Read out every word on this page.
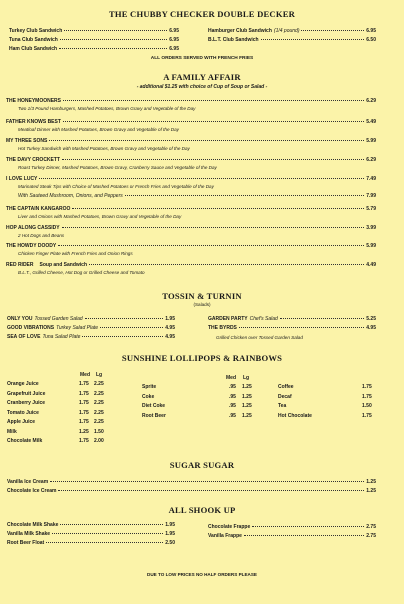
THE CHUBBY CHECKER DOUBLE DECKER
Turkey Club Sandwich	6.95
Tuna Club Sandwich	6.95
Ham Club Sandwich	6.95
Hamburger Club Sandwich (1/4 pound)	6.95
B.L.T. Club Sandwich	6.50
ALL ORDERS SERVED WITH FRENCH FRIES
A FAMILY AFFAIR
- additional $1.25 with choice of Cup of Soup or Salad -
THE HONEYMOONERS	6.29
Two 1/3 Pound Hamburgers, Mashed Potatoes, Brown Gravy and Vegetable of the Day
FATHER KNOWS BEST	5.49
Meatloaf Dinner with Mashed Potatoes, Brown Gravy and Vegetable of the Day
MY THREE SONS	5.99
Hot Turkey Sandwich with Mashed Potatoes, Brown Gravy and Vegetable of the Day
THE DAVY CROCKETT	6.29
Roast Turkey Dinner, Mashed Potatoes, Brown Gravy, Cranberry Sauce and Vegetable of the Day
I LOVE LUCY	7.49
Marinated Steak Tips with Choice of Mashed Potatoes or French Fries and Vegetable of the Day
With Sauteed Mushroom, Onions, and Peppers	7.99
THE CAPTAIN KANGAROO	5.79
Liver and Onions with Mashed Potatoes, Brown Gravy and Vegetable of the Day
HOP ALONG CASSIDY	3.99
2 Hot Dogs and Beans
THE HOWDY DOODY	5.99
Chicken Finger Plate with French Fries and Onion Rings
RED RIDER Soup and Sandwich	4.49
B.L.T., Grilled Cheese, Hot Dog or Grilled Cheese and Tomato
TOSSIN & TURNIN
(Salads)
ONLY YOU Tossed Garden Salad	1.95
GOOD VIBRATIONS Turkey Salad Plate	4.95
SEA OF LOVE Tuna Salad Plate	4.95
GARDEN PARTY Chef's Salad	5.25
THE BYRDS	4.95
Grilled Chicken over Tossed Garden Salad
SUNSHINE LOLLIPOPS & RAINBOWS
Med Lg	Med Lg
Orange Juice	1.75 2.25
Grapefruit Juice	1.75 2.25
Cranberry Juice	1.75 2.25
Tomato Juice	1.75 2.25
Apple Juice	1.75 2.25
Milk	1.25 1.50
Chocolate Milk	1.75 2.00
Sprite	.95 1.25
Coke	.95 1.25
Diet Coke	.95 1.25
Root Beer	.95 1.25
Coffee	1.75
Decaf	1.75
Tea	1.50
Hot Chocolate	1.75
SUGAR SUGAR
Vanilla Ice Cream	1.25
Chocolate Ice Cream	1.25
ALL SHOOK UP
Chocolate Milk Shake	1.95
Vanilla Milk Shake	1.95
Root Beer Float	2.50
Chocolate Frappe	2.75
Vanilla Frappe	2.75
DUE TO LOW PRICES NO HALF ORDERS PLEASE
